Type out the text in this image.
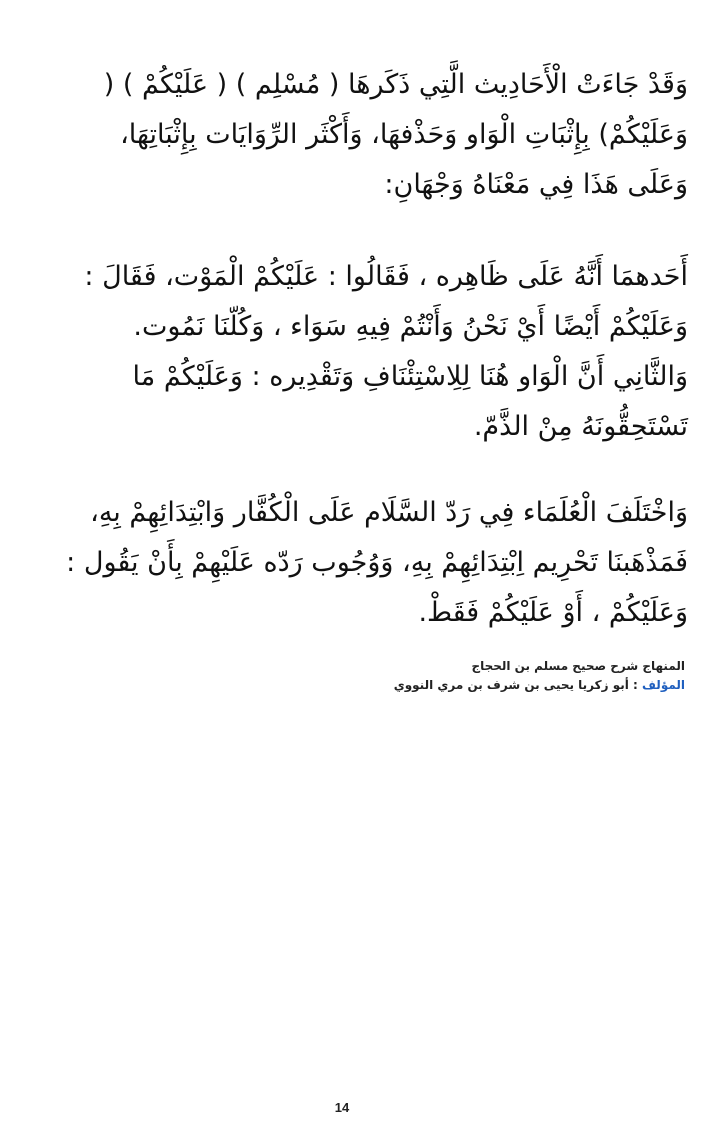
وَقَدْ جَاءَتْ الْأَحَادِيث الَّتِي ذَكَرهَا ( مُسْلِم ) ( عَلَيْكُمْ ) (
وَعَلَيْكُمْ) بِإِثْبَاتِ الْوَاو وَحَذْفهَا، وَأَكْثَر الرِّوَايَات بِإِثْبَاتِهَا،
وَعَلَى هَذَا فِي مَعْنَاهُ وَجْهَانِ:
أَحَدهمَا أَنَّهُ عَلَى ظَاهِره ، فَقَالُوا : عَلَيْكُمْ الْمَوْت، فَقَالَ :
وَعَلَيْكُمْ أَيْضًا أَيْ نَحْنُ وَأَنْتُمْ فِيهِ سَوَاء ، وَكُلّنَا نَمُوت.
وَالثَّانِي أَنَّ الْوَاو هُنَا لِلِاسْتِئْنَافِ وَتَقْدِيره : وَعَلَيْكُمْ مَا
تَسْتَحِقُّونَهُ مِنْ الذَّمّ.
وَاخْتَلَفَ الْعُلَمَاء فِي رَدّ السَّلَام عَلَى الْكُفَّار وَابْتِدَائِهِمْ بِهِ،
فَمَذْهَبنَا تَحْرِيم اِبْتِدَائِهِمْ بِهِ، وَوُجُوب رَدّه عَلَيْهِمْ بِأَنْ يَقُول :
وَعَلَيْكُمْ ، أَوْ عَلَيْكُمْ فَقَطْ.
المنهاج شرح صحيح مسلم بن الحجاج
المؤلف : أبو زكريا يحيى بن شرف بن مري النووي
14
